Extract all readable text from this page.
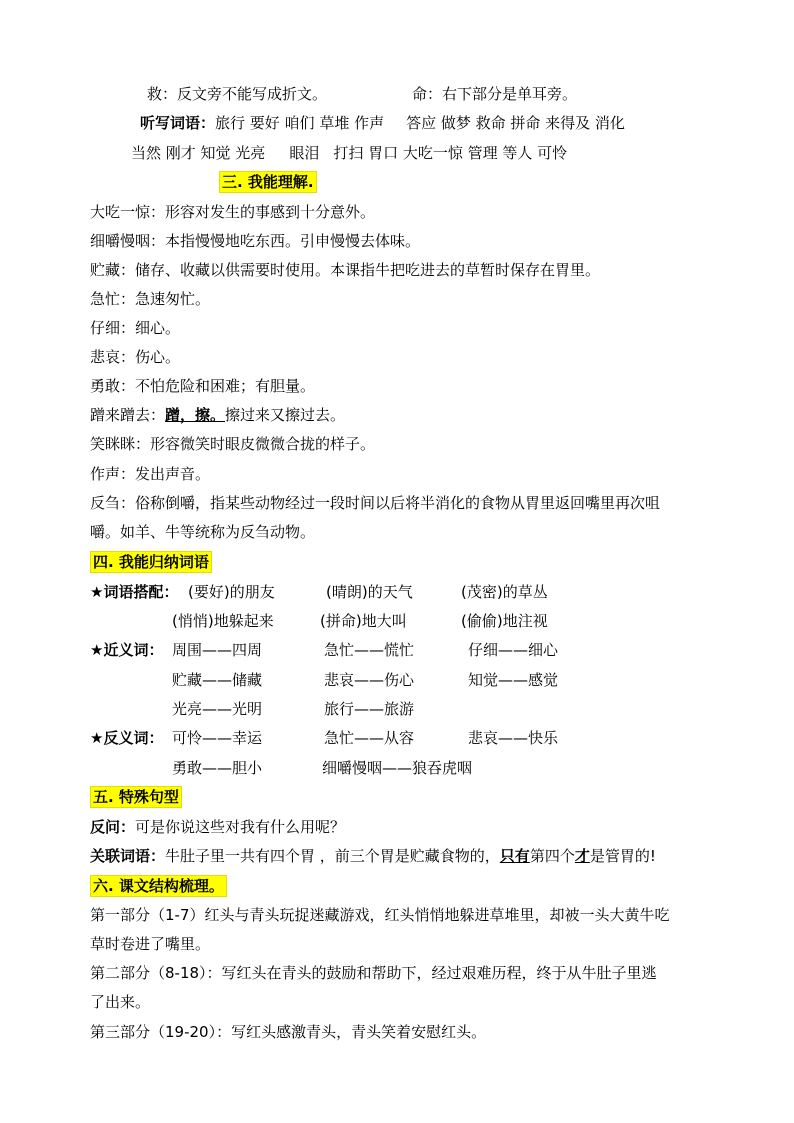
救：反文旁不能写成折文。	命：右下部分是单耳旁。
听写词语：旅行 要好 咱们 草堆 作声 答应 做梦 救命 拼命 来得及 消化
当然 刚才 知觉 光亮 眼泪 打扫 胃口 大吃一惊 管理 等人 可怜
三. 我能理解.
大吃一惊：形容对发生的事感到十分意外。
细嚼慢咽：本指慢慢地吃东西。引申慢慢去体味。
贮藏：储存、收藏以供需要时使用。本课指牛把吃进去的草暂时保存在胃里。
急忙：急速匆忙。
仔细：细心。
悲哀：伤心。
勇敢：不怕危险和困难；有胆量。
蹭来蹭去：蹭，擦。擦过来又擦过去。
笑眯眯：形容微笑时眼皮微微合拢的样子。
作声：发出声音。
反刍：俗称倒嚼，指某些动物经过一段时间以后将半消化的食物从胃里返回嘴里再次咀
嚼。如羊、牛等统称为反刍动物。
四. 我能归纳词语
★词语搭配： (要好)的朋友	(晴朗)的天气	(茂密)的草丛
(悄悄)地躲起来	(拼命)地大叫	(偷偷)地注视
★近义词： 周围——四周	急忙——慌忙	仔细——细心
贮藏——储藏	悲哀——伤心	知觉——感觉
光亮——光明	旅行——旅游
★反义词： 可怜——幸运	急忙——从容	悲哀——快乐
勇敢——胆小	细嚼慢咽——狼吞虎咽
五. 特殊句型
反问：可是你说这些对我有什么用呢？
关联词语：牛肚子里一共有四个胃 ，前三个胃是贮藏食物的，只有第四个才是管胃的!
六. 课文结构梳理。
第一部分（1-7）红头与青头玩捉迷藏游戏，红头悄悄地躲进草堆里，却被一头大黄牛吃
草时卷进了嘴里。
第二部分（8-18）：写红头在青头的鼓励和帮助下，经过艰难历程，终于从牛肚子里逃
了出来。
第三部分（19-20）：写红头感激青头，青头笑着安慰红头。
